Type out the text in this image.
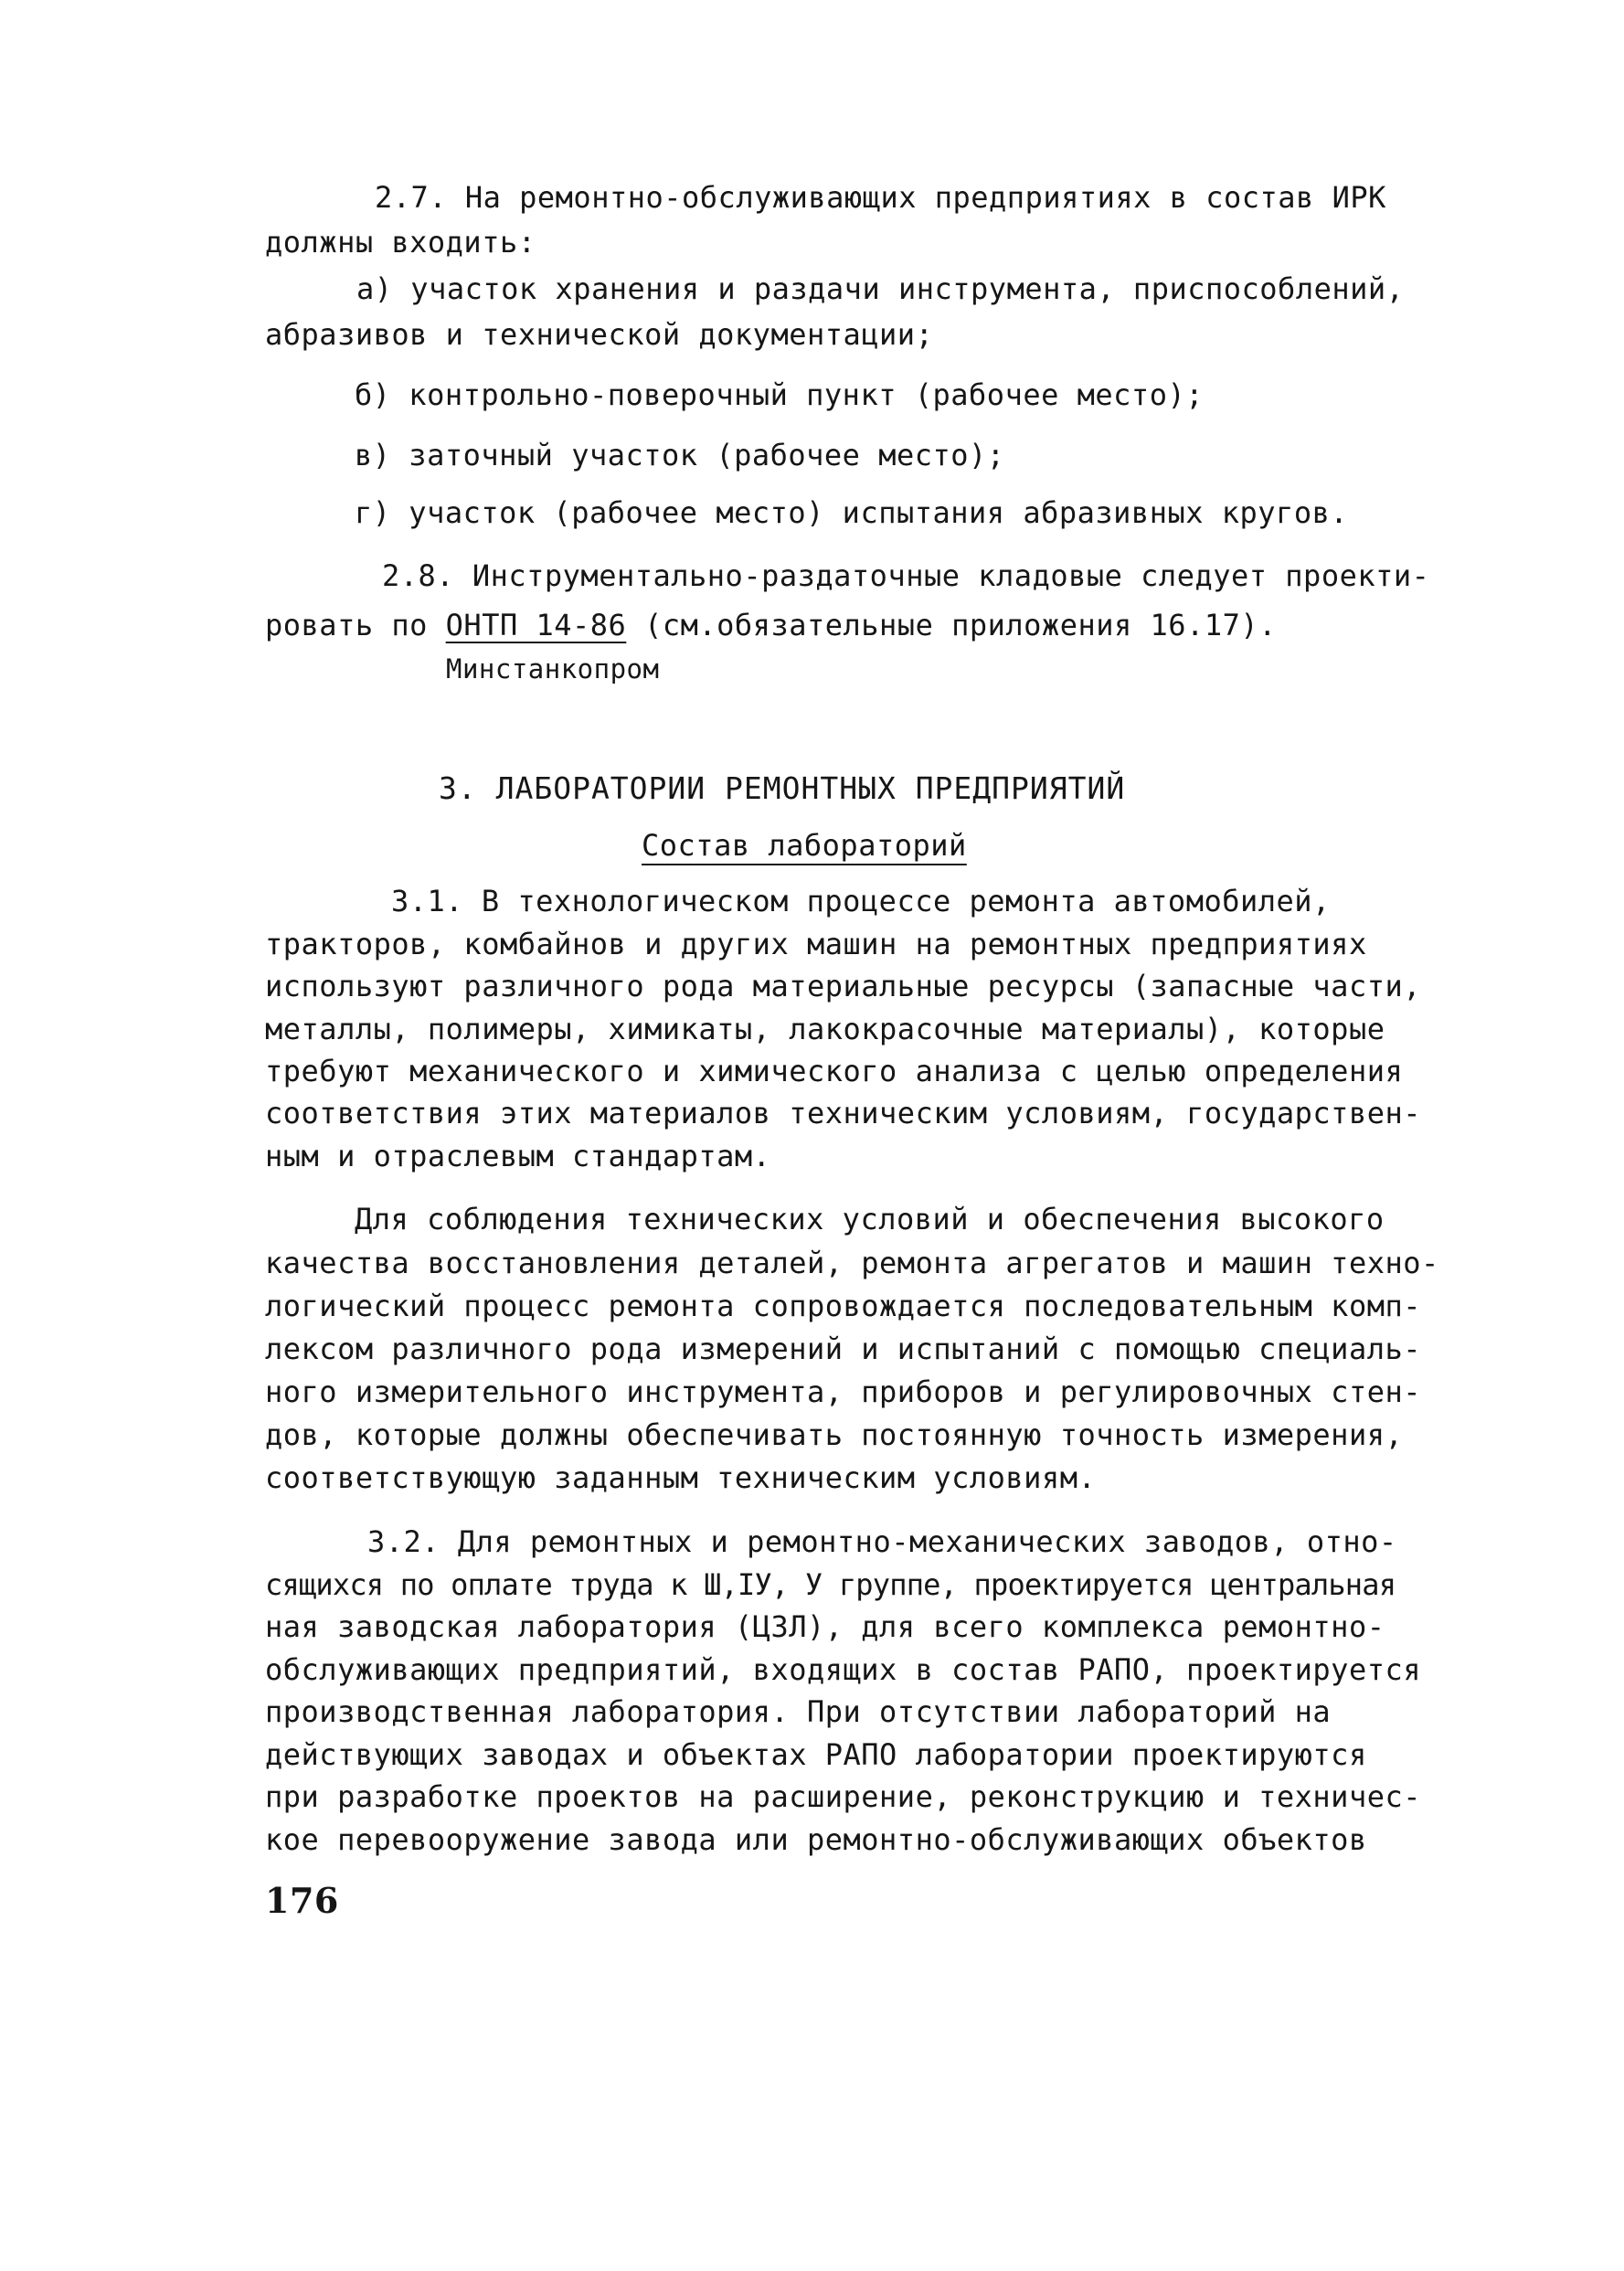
2.7. На ремонтно-обслуживающих предприятиях в состав ИРК
должны входить:
а) участок хранения и раздачи инструмента, приспособлений,
абразивов и технической документации;
б) контрольно-поверочный пункт (рабочее место);
в) заточный участок (рабочее место);
г) участок (рабочее место) испытания абразивных кругов.
2.8. Инструментально-раздаточные кладовые следует проекти-
ровать по ОНТП 14-86 (см.обязательные приложения 16.17).
Минстанкопром
3. ЛАБОРАТОРИИ РЕМОНТНЫХ ПРЕДПРИЯТИЙ
Состав лабораторий
3.1. В технологическом процессе ремонта автомобилей,
тракторов, комбайнов и других машин на ремонтных предприятиях
используют различного рода материальные ресурсы (запасные части,
металлы, полимеры, химикаты, лакокрасочные материалы), которые
требуют механического и химического анализа с целью определения
соответствия этих материалов техническим условиям, государствен-
ным и отраслевым стандартам.
Для соблюдения технических условий и обеспечения высокого
качества восстановления деталей, ремонта агрегатов и машин техно-
логический процесс ремонта сопровождается последовательным комп-
лексом различного рода измерений и испытаний с помощью специаль-
ного измерительного инструмента, приборов и регулировочных стен-
дов, которые должны обеспечивать постоянную точность измерения,
соответствующую заданным техническим условиям.
3.2. Для ремонтных и ремонтно-механических заводов, отно-
сящихся по оплате труда к Ш,IУ, У группе, проектируется центральная
ная заводская лаборатория (ЦЗЛ), для всего комплекса ремонтно-
обслуживающих предприятий, входящих в состав РАПО, проектируется
производственная лаборатория. При отсутствии лабораторий на
действующих заводах и объектах РАПО лаборатории проектируются
при разработке проектов на расширение, реконструкцию и техничес-
кое перевооружение завода или ремонтно-обслуживающих объектов
176
